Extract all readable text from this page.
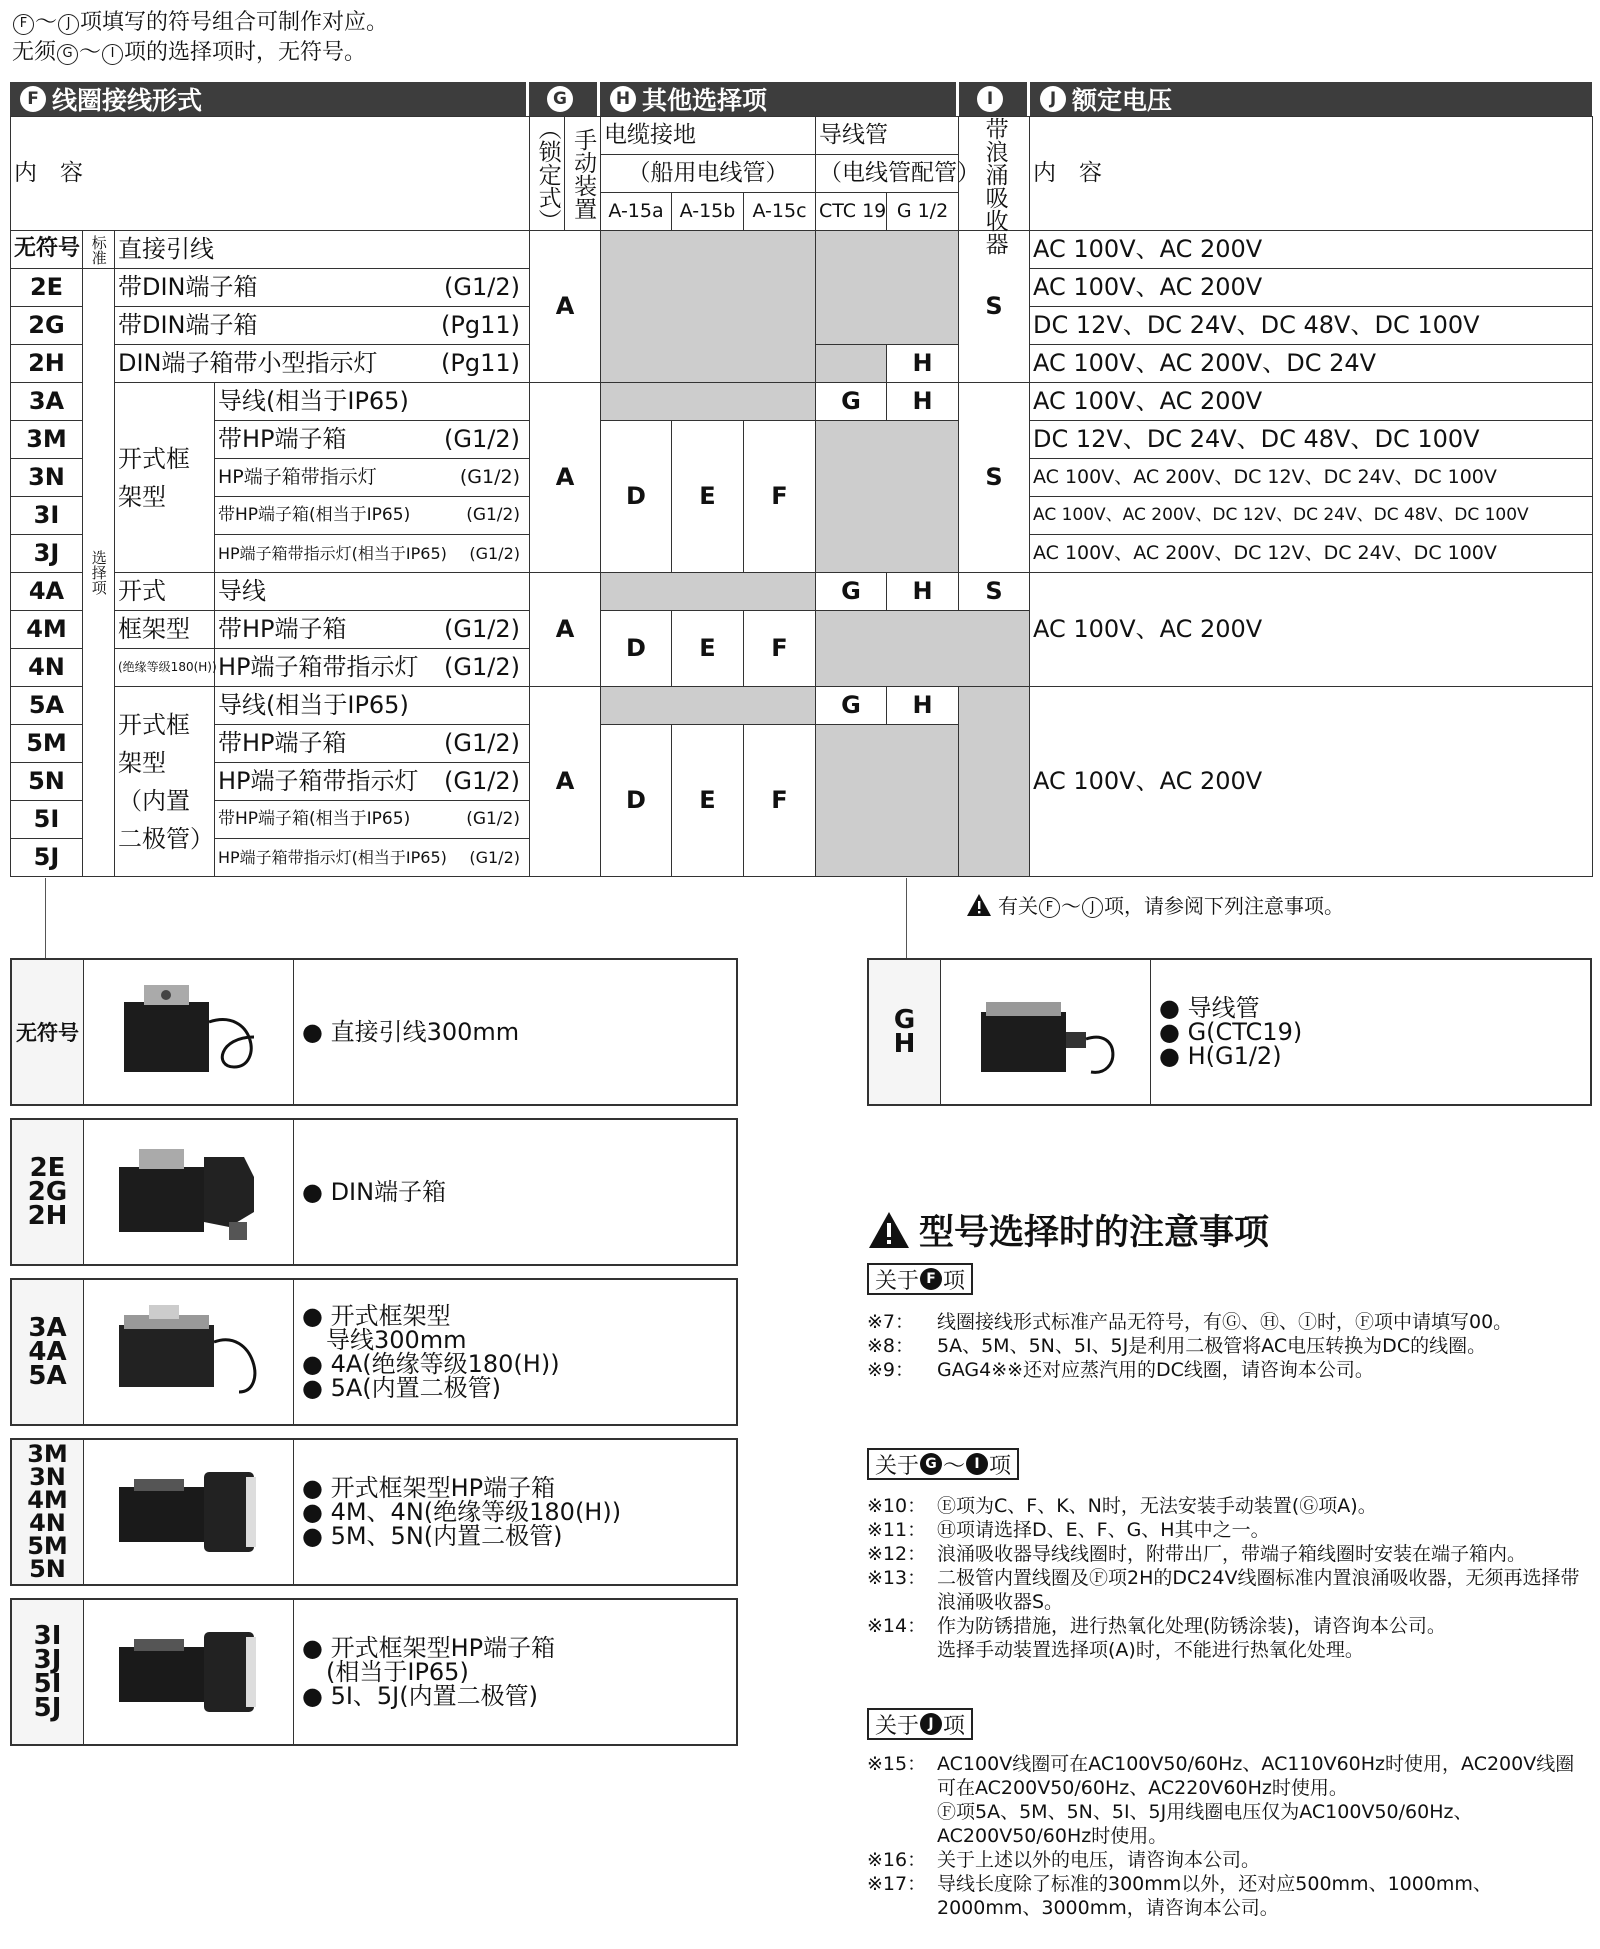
F ～ J 项填写的符号组合可制作对应。
无须 G ～ I 项的选择项时，无符号。
F 线圈接线形式	G	H 其他选择项	I	J 额定电压
内　容				（锁定式）	手动装置	电缆接地			导线管		带浪涌吸收器	内　容
						（船用电线管）			（电线管配管）			
						A-15a	A-15b	A-15c	CTC 19	G 1/2		
无符号	标准	直接引线		A							S	AC 100V、AC 200V
2E	选择项	带DIN端子箱 (G1/2)										AC 100V、AC 200V
2G		带DIN端子箱 (Pg11)										DC 12V、DC 24V、DC 48V、DC 100V
2H		DIN端子箱带小型指示灯 (Pg11)								H		AC 100V、AC 200V、DC 24V
3A		开式框架型	导线(相当于IP65)	A					G	H	S	AC 100V、AC 200V
3M			带HP端子箱 (G1/2)			D	E	F				DC 12V、DC 24V、DC 48V、DC 100V
3N			HP端子箱带指示灯 (G1/2)									AC 100V、AC 200V、DC 12V、DC 24V、DC 100V
3I			带HP端子箱(相当于IP65) (G1/2)									AC 100V、AC 200V、DC 12V、DC 24V、DC 48V、DC 100V
3J			HP端子箱带指示灯(相当于IP65) (G1/2)									AC 100V、AC 200V、DC 12V、DC 24V、DC 100V
4A		开式	导线	A					G	H	S	AC 100V、AC 200V
4M		框架型	带HP端子箱 (G1/2)			D	E	F				
4N		(绝缘等级180(H))	HP端子箱带指示灯 (G1/2)									

5A		开式框架型（内置二极管）	导线(相当于IP65)	A					G	H		AC 100V、AC 200V
5M			带HP端子箱 (G1/2)			D	E	F				
5N			HP端子箱带指示灯 (G1/2)									

5I			带HP端子箱(相当于IP65) (G1/2)									

5J			HP端子箱带指示灯(相当于IP65) (G1/2)									
有关 F ～ J 项，请参阅下列注意事项。
无符号	● 直接引线300mm
2E 2G 2H
● DIN端子箱
3A 4A 5A
● 开式框架型
　导线300mm
● 4A(绝缘等级180(H))
● 5A(内置二极管)
3M 3N 4M 4N 5M 5N
● 开式框架型HP端子箱
● 4M、4N(绝缘等级180(H))
● 5M、5N(内置二极管)
3I 3J 5I 5J
● 开式框架型HP端子箱
　(相当于IP65)
● 5I、5J(内置二极管)
G H
● 导线管
● G(CTC19)
● H(G1/2)
型号选择时的注意事项
关于 F 项
※7：	线圈接线形式标准产品无符号，有Ⓖ、Ⓗ、Ⓘ时，Ⓕ项中请填写00。
※8：	5A、5M、5N、5I、5J是利用二极管将AC电压转换为DC的线圈。
※9：	GAG4※※还对应蒸汽用的DC线圈，请咨询本公司。
关于 G ～ I 项
※10： Ⓔ项为C、F、K、N时，无法安装手动装置(Ⓖ项A)。
※11： Ⓗ项请选择D、E、F、G、H其中之一。
※12： 浪涌吸收器导线线圈时，附带出厂，带端子箱线圈时安装在端子箱内。
※13： 二极管内置线圈及Ⓕ项2H的DC24V线圈标准内置浪涌吸收器，无须再选择带浪涌吸收器S。
※14： 作为防锈措施，进行热氧化处理(防锈涂装)，请咨询本公司。
选择手动装置选择项(A)时，不能进行热氧化处理。
关于 J 项
※15： AC100V线圈可在AC100V50/60Hz、AC110V60Hz时使用，AC200V线圈可在AC200V50/60Hz、AC220V60Hz时使用。
Ⓕ项5A、5M、5N、5I、5J用线圈电压仅为AC100V50/60Hz、AC200V50/60Hz时使用。
※16： 关于上述以外的电压，请咨询本公司。
※17： 导线长度除了标准的300mm以外，还对应500mm、1000mm、2000mm、3000mm，请咨询本公司。
